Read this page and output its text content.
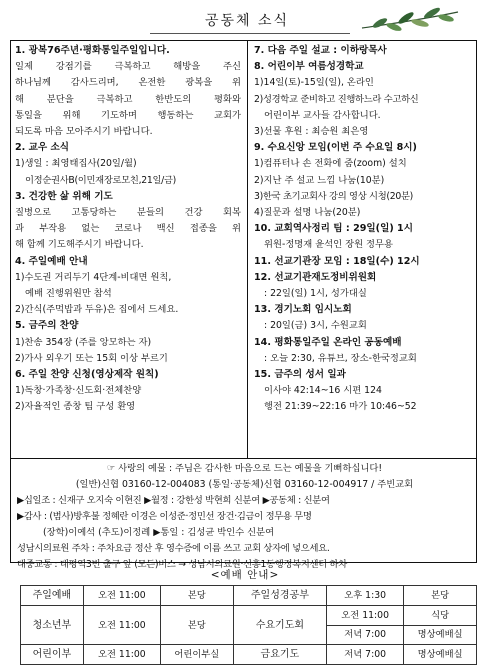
공동체 소식
1. 광복76주년·평화통일주일입니다.
일제 강점기를 극복하고 해방을 주신
하나님께 감사드리며, 온전한 광복을 위
해 분단을 극복하고 한반도의 평화와
통일을 위해 기도하며 행동하는 교회가
되도록 마음 모아주시기 바랍니다.
2. 교우 소식
1)생일 : 최영태집사(20일/월)
이정순권사B(이민재장로모친,21일/금)
3. 건강한 삶 위해 기도
질병으로 고통당하는 분들의 건강 회복
과 부작용 없는 코로나 백신 접종을 위
해 함께 기도해주시기 바랍니다.
4. 주일예배 안내
1)수도권 거리두기 4단계-비대면 원칙,
예배 진행위원만 참석
2)간식(주먹밥과 두유)은 집에서 드세요.
5. 금주의 찬양
1)찬송 354장 (주를 앙모하는 자)
2)가사 외우기 또는 15회 이상 부르기
6. 주일 찬양 신청(영상제작 원칙)
1)독창·가족창·신도회·전체찬양
2)자율적인 종창 팀 구성 환영
7. 다음 주일 설교 : 이하랑목사
8. 어린이부 여름성경학교
1)14일(토)-15일(일), 온라인
2)성경학교 준비하고 진행하느라 수고하신
어린이부 교사들 감사합니다.
3)선물 후원 : 최승원 최은영
9. 수요신앙 모임(이번 주 수요일 8시)
1)컴퓨터나 손 전화에 줌(zoom) 설치
2)지난 주 설교 느낌 나눔(10분)
3)한국 초기교회사 강의 영상 시청(20분)
4)질문과 설명 나눔(20분)
10. 교회역사정리 팀 : 29일(일) 1시
위원-정명재 윤석인 장원 정무용
11. 선교기관장 모임 : 18일(수) 12시
12. 선교기관재도정비위원회
: 22일(일) 1시, 성가대실
13. 경기노회 임시노회
: 20일(금) 3시, 수원교회
14. 평화통일주일 온라인 공동예배
: 오늘 2:30, 유튜브, 장소-한국정교회
15. 금주의 성서 일과
이사야 42:14~16 시편 124
행전 21:39~22:16 마가 10:46~52
☞ 사랑의 예물 : 주님은 감사한 마음으로 드는 예물을 기뻐하십니다!
(일반)신협 03160-12-004083 (통일·공동체)신협 03160-12-004917 / 주빈교회
▶십일조 : 신재구 오지숙 이현진 ▶월정 : 강한성 박현희 신분여 ▶공동체 : 신분여
▶감사 : (범사)방후불 정혜란 이경은 이성준·정민선 장건·김금이 정무용 무명
(장학)이예석 (추도)이정례 ▶통일 : 김성균 박인수 신분여
성남시의료원 주차 : 주차요금 정산 후 영수증에 이름 쓰고 교회 상자에 넣으세요.
대중교통 : 태평역3번 출구 앞 (모든)버스 → 성남시의료원·신흥1동행정복지센터 하차
<예배 안내>
주일예배	오전 11:00	본당	주일성경공부	오후 1:30	본당
청소년부	오전 11:00	본당	수요기도회	오전 11:00	식당
				저녁 7:00	명상예배실
어린이부	오전 11:00	어린이부실	금요기도	저녁 7:00	명상예배실
